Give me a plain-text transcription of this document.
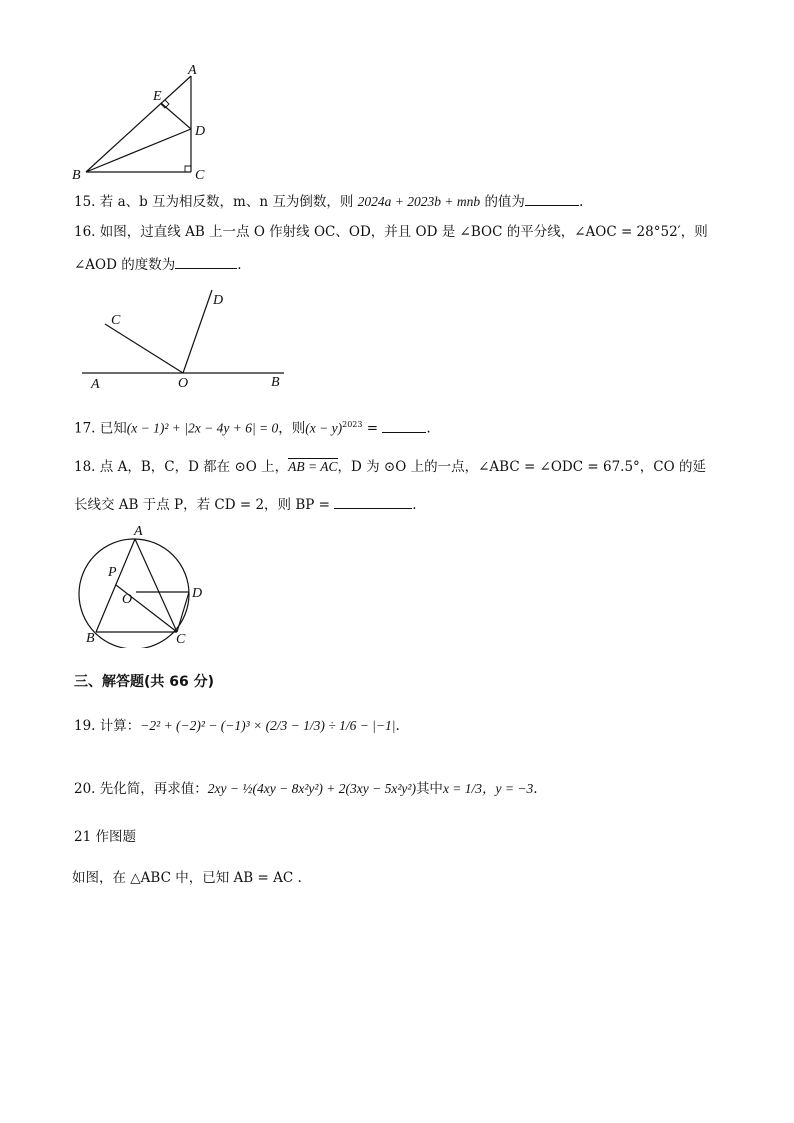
A
E
D
B	C
15. 若 a、b 互为相反数，m、n 互为倒数，则 2024a + 2023b + mnb 的值为	.
16. 如图，过直线 AB 上一点 O 作射线 OC、OD，并且 OD 是 ∠BOC 的平分线，∠AOC = 28°52′，则
∠AOD 的度数为	.
D
C
A	O	B
17. 已知(x − 1)² + |2x − 4y + 6| = 0，则$(x - y)^{2023}$ =	.
18. 点 A，B，C，D 都在 ⊙O 上，AB = AC，D 为 ⊙O 上的一点，∠ABC = ∠ODC = 67.5°，CO 的延
长线交 AB 于点 P，若 CD = 2，则 BP =	.
A
P
D
O
B	C
三、解答题(共 66 分)
19. 计算：−2² + (−2)² − (−1)³ × (2/3 − 1/3) ÷ 1/6 − |−1|.
20. 先化简，再求值：2xy − ½(4xy − 8x²y²) + 2(3xy − 5x²y²)其中x = 1/3，y = −3.
21 作图题
如图，在 △ABC 中，已知 AB = AC .
